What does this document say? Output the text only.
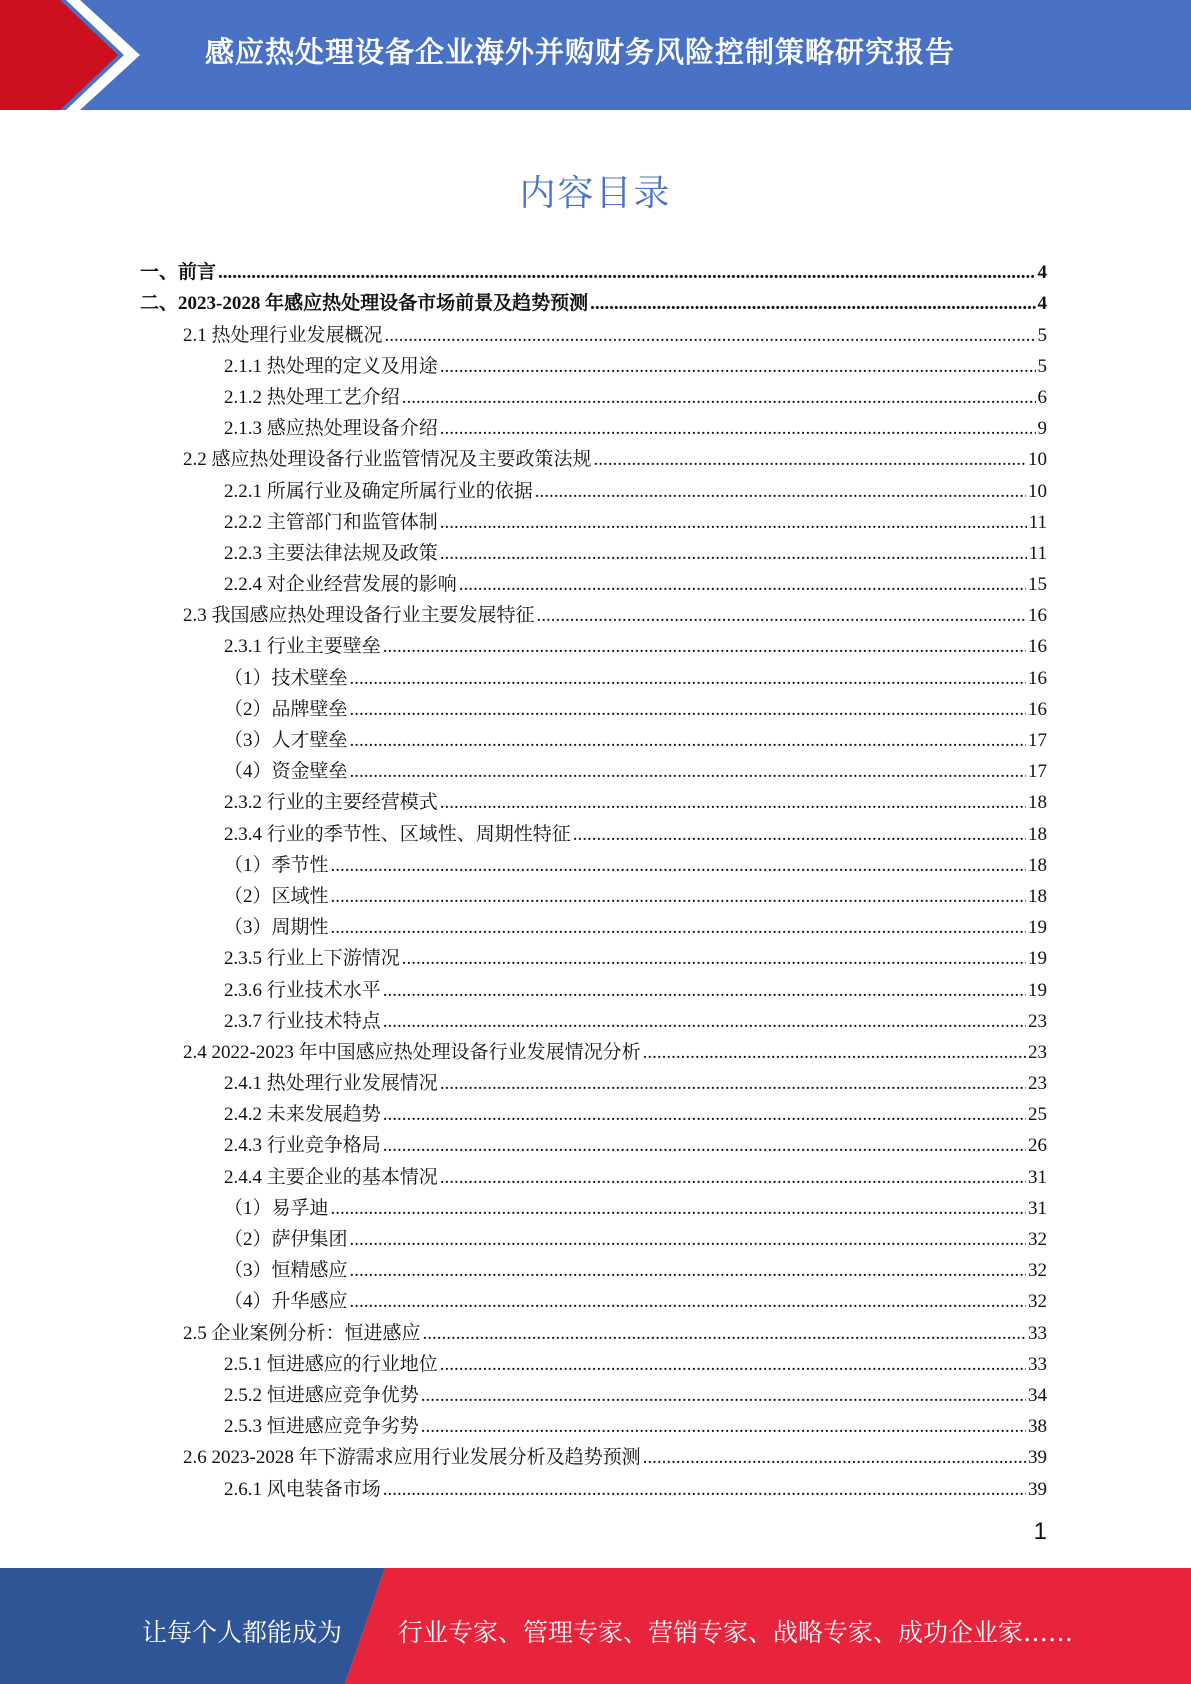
感应热处理设备企业海外并购财务风险控制策略研究报告
内容目录
一、前言 .....	4
二、2023-2028 年感应热处理设备市场前景及趋势预测 .....	4
2.1 热处理行业发展概况 .....	5
2.1.1 热处理的定义及用途 .....	5
2.1.2 热处理工艺介绍 .....	6
2.1.3 感应热处理设备介绍 .....	9
2.2 感应热处理设备行业监管情况及主要政策法规 .....	10
2.2.1 所属行业及确定所属行业的依据 .....	10
2.2.2 主管部门和监管体制 .....	11
2.2.3 主要法律法规及政策 .....	11
2.2.4 对企业经营发展的影响 .....	15
2.3 我国感应热处理设备行业主要发展特征 .....	16
2.3.1 行业主要壁垒 .....	16
（1）技术壁垒 .....	16
（2）品牌壁垒 .....	16
（3）人才壁垒 .....	17
（4）资金壁垒 .....	17
2.3.2 行业的主要经营模式 .....	18
2.3.4 行业的季节性、区域性、周期性特征 .....	18
（1）季节性 .....	18
（2）区域性 .....	18
（3）周期性 .....	19
2.3.5 行业上下游情况 .....	19
2.3.6 行业技术水平 .....	19
2.3.7 行业技术特点 .....	23
2.4 2022-2023 年中国感应热处理设备行业发展情况分析 .....	23
2.4.1 热处理行业发展情况 .....	23
2.4.2 未来发展趋势 .....	25
2.4.3 行业竞争格局 .....	26
2.4.4 主要企业的基本情况 .....	31
（1）易孚迪 .....	31
（2）萨伊集团 .....	32
（3）恒精感应 .....	32
（4）升华感应 .....	32
2.5 企业案例分析：恒进感应 .....	33
2.5.1 恒进感应的行业地位 .....	33
2.5.2 恒进感应竞争优势 .....	34
2.5.3 恒进感应竞争劣势 .....	38
2.6 2023-2028 年下游需求应用行业发展分析及趋势预测 .....	39
2.6.1 风电装备市场 .....	39
1
让每个人都能成为 行业专家、管理专家、营销专家、战略专家、成功企业家……
